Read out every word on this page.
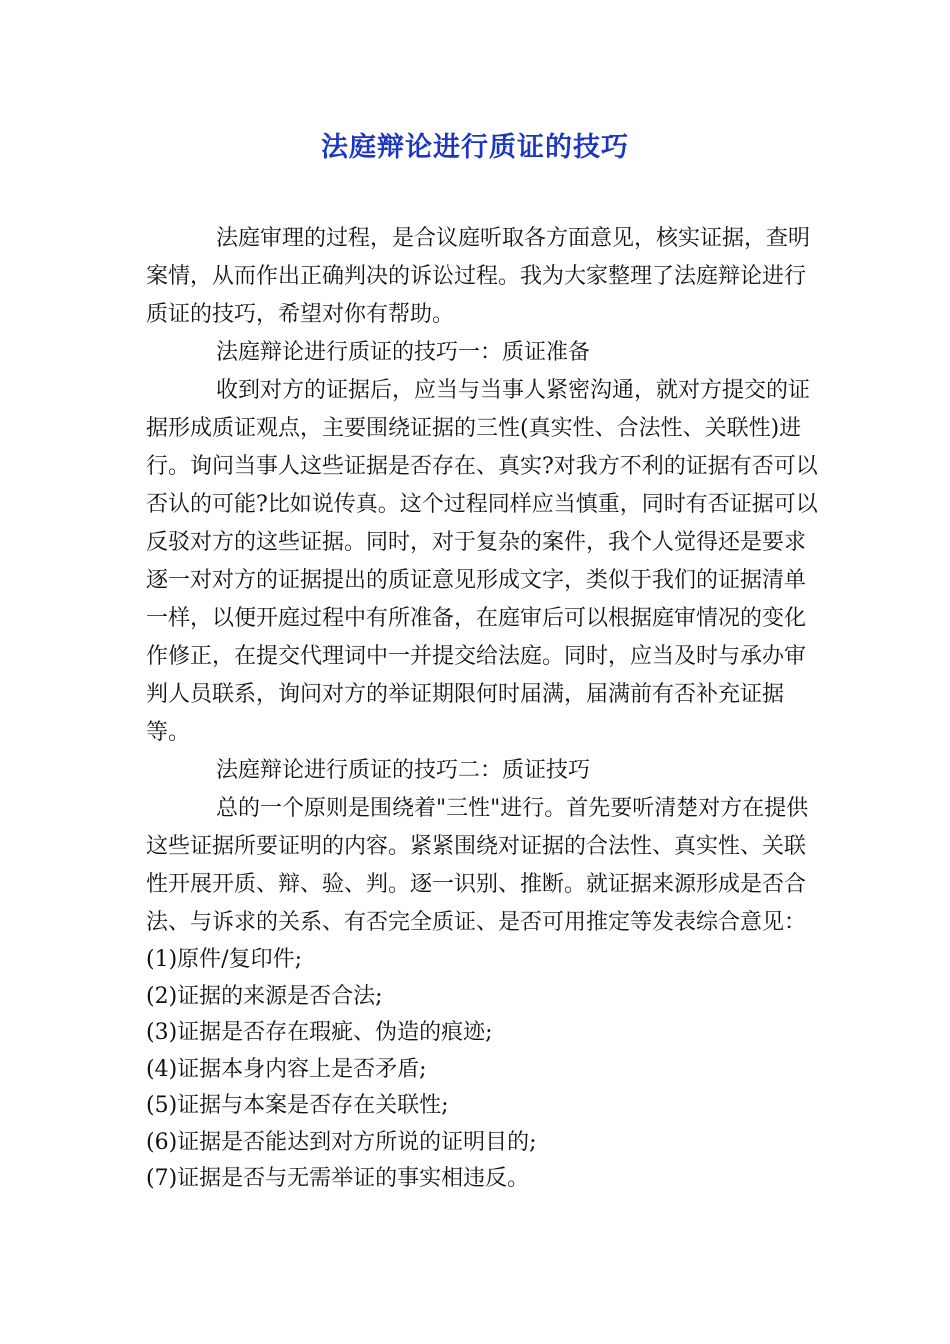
法庭辩论进行质证的技巧

法庭审理的过程，是合议庭听取各方面意见，核实证据，查明案情，从而作出正确判决的诉讼过程。我为大家整理了法庭辩论进行质证的技巧，希望对你有帮助。

法庭辩论进行质证的技巧一：质证准备

收到对方的证据后，应当与当事人紧密沟通，就对方提交的证据形成质证观点，主要围绕证据的三性(真实性、合法性、关联性)进行。询问当事人这些证据是否存在、真实?对我方不利的证据有否可以否认的可能?比如说传真。这个过程同样应当慎重，同时有否证据可以反驳对方的这些证据。同时，对于复杂的案件，我个人觉得还是要求逐一对对方的证据提出的质证意见形成文字，类似于我们的证据清单一样，以便开庭过程中有所准备，在庭审后可以根据庭审情况的变化作修正，在提交代理词中一并提交给法庭。同时，应当及时与承办审判人员联系，询问对方的举证期限何时届满，届满前有否补充证据等。

法庭辩论进行质证的技巧二：质证技巧

总的一个原则是围绕着"三性"进行。首先要听清楚对方在提供这些证据所要证明的内容。紧紧围绕对证据的合法性、真实性、关联性开展开质、辩、验、判。逐一识别、推断。就证据来源形成是否合法、与诉求的关系、有否完全质证、是否可用推定等发表综合意见：

(1)原件/复印件;

(2)证据的来源是否合法;

(3)证据是否存在瑕疵、伪造的痕迹;

(4)证据本身内容上是否矛盾;

(5)证据与本案是否存在关联性;

(6)证据是否能达到对方所说的证明目的;

(7)证据是否与无需举证的事实相违反。
